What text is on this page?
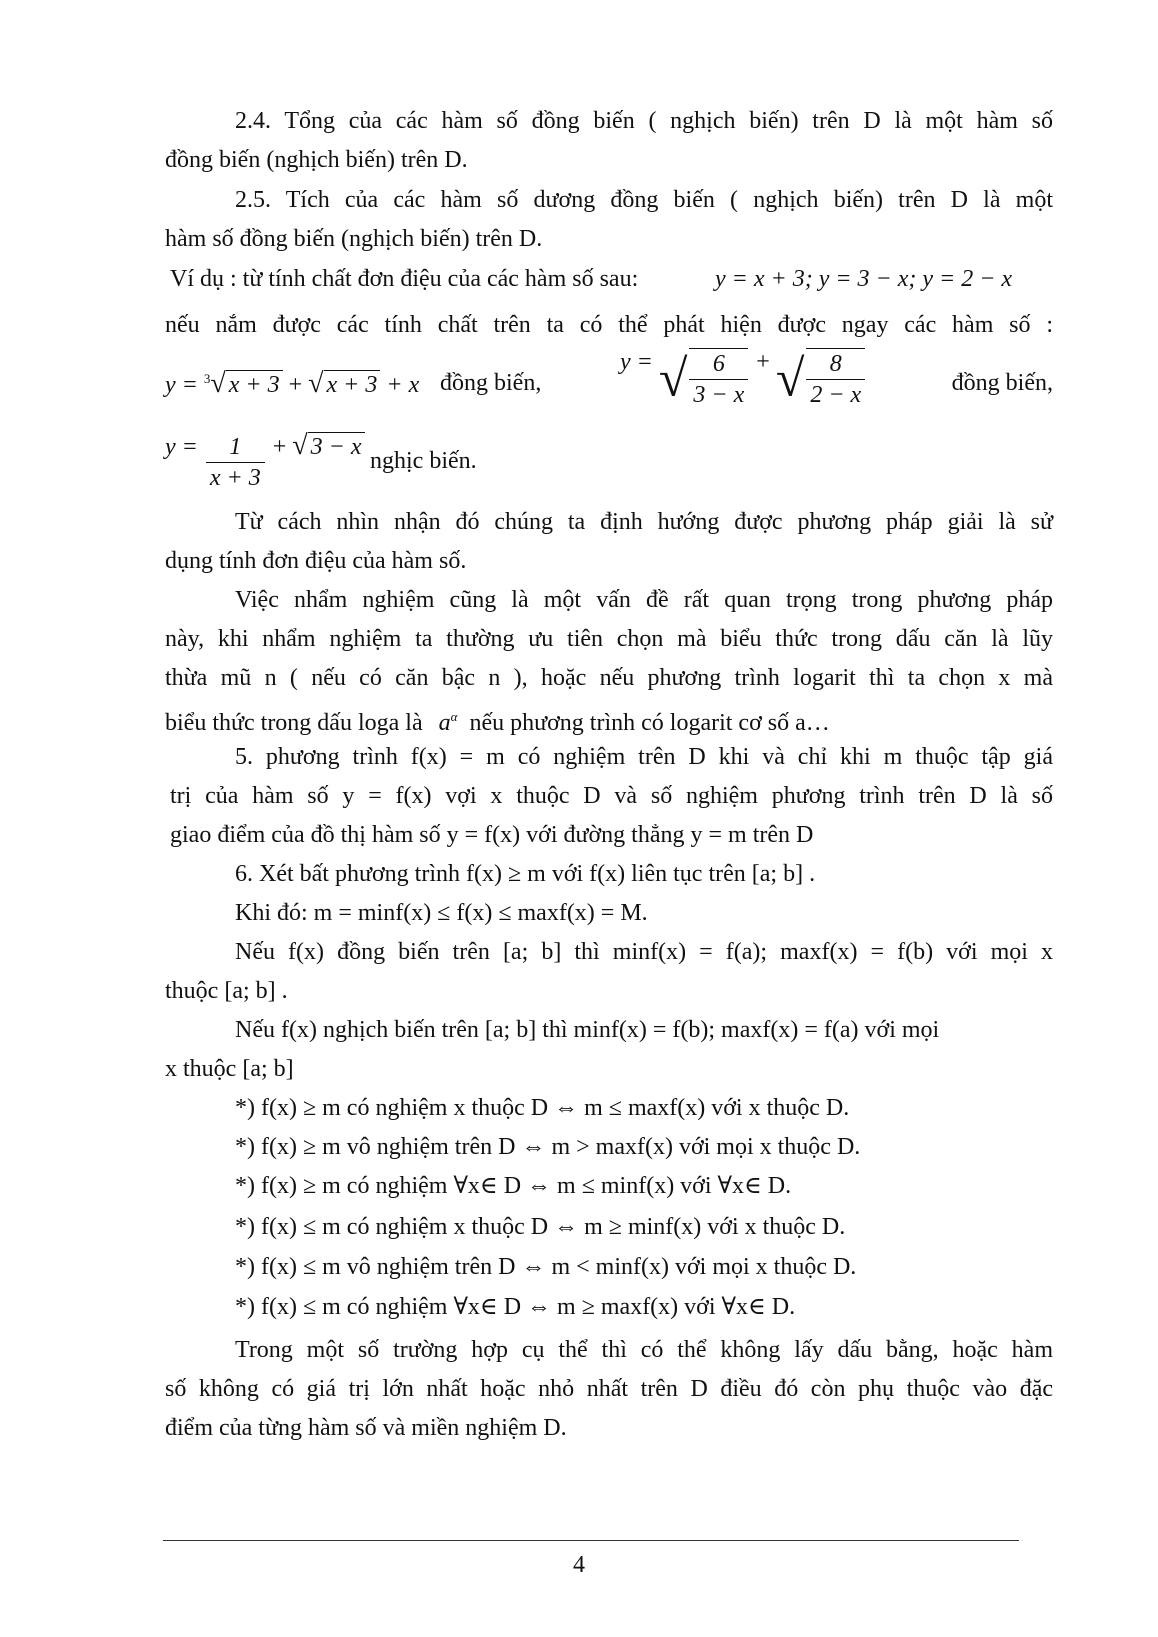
2.4. Tổng của các hàm số đồng biến ( nghịch biến) trên D là một hàm số
đồng biến (nghịch biến) trên D.
2.5. Tích của các hàm số dương đồng biến ( nghịch biến) trên D là một
hàm số đồng biến (nghịch biến) trên D.
Ví dụ : từ tính chất đơn điệu của các hàm số sau:	y = x + 3; y = 3 − x; y = 2 − x
nếu nắm được các tính chất trên ta có thể phát hiện được ngay các hàm số :
y = $^3$√ x + 3 + √ x + 3 + x đồng biến,
y = √ $\frac{6}{3 - x}$ + √ $\frac{8}{2 - x}$	đồng biến,
$y = \frac{1}{x + 3}$ + √ 3 − x
nghịc biến.
Từ cách nhìn nhận đó chúng ta định hướng được phương pháp giải là sử
dụng tính đơn điệu của hàm số.
Việc nhẩm nghiệm cũng là một vấn đề rất quan trọng trong phương pháp
này, khi nhẩm nghiệm ta thường ưu tiên chọn mà biểu thức trong dấu căn là lũy
thừa mũ n ( nếu có căn bậc n ), hoặc nếu phương trình logarit thì ta chọn x mà
biểu thức trong dấu loga là $a^\alpha$ nếu phương trình có logarit cơ số a…
5. phương trình f(x) = m có nghiệm trên D khi và chỉ khi m thuộc tập giá
trị của hàm số y = f(x) vợi x thuộc D và số nghiệm phương trình trên D là số
giao điểm của đồ thị hàm số y = f(x) với đường thẳng y = m trên D
6. Xét bất phương trình f(x) ≥ m với f(x) liên tục trên [a; b] .
Khi đó: m = minf(x) ≤ f(x) ≤ maxf(x) = M.
Nếu f(x) đồng biến trên [a; b] thì minf(x) = f(a); maxf(x) = f(b) với mọi x
thuộc [a; b] .
Nếu f(x) nghịch biến trên [a; b] thì minf(x) = f(b); maxf(x) = f(a) với mọi
x thuộc [a; b]
*) f(x) ≥ m có nghiệm x thuộc D ⇔ m ≤ maxf(x) với x thuộc D.
*) f(x) ≥ m vô nghiệm trên D ⇔ m > maxf(x) với mọi x thuộc D.
*) f(x) ≥ m có nghiệm ∀x∈ D ⇔ m ≤ minf(x) với ∀x∈ D.
*) f(x) ≤ m có nghiệm x thuộc D ⇔ m ≥ minf(x) với x thuộc D.
*) f(x) ≤ m vô nghiệm trên D ⇔ m < minf(x) với mọi x thuộc D.
*) f(x) ≤ m có nghiệm ∀x∈ D ⇔ m ≥ maxf(x) với ∀x∈ D.
Trong một số trường hợp cụ thể thì có thể không lấy dấu bằng, hoặc hàm
số không có giá trị lớn nhất hoặc nhỏ nhất trên D điều đó còn phụ thuộc vào đặc
điểm của từng hàm số và miền nghiệm D.
4
